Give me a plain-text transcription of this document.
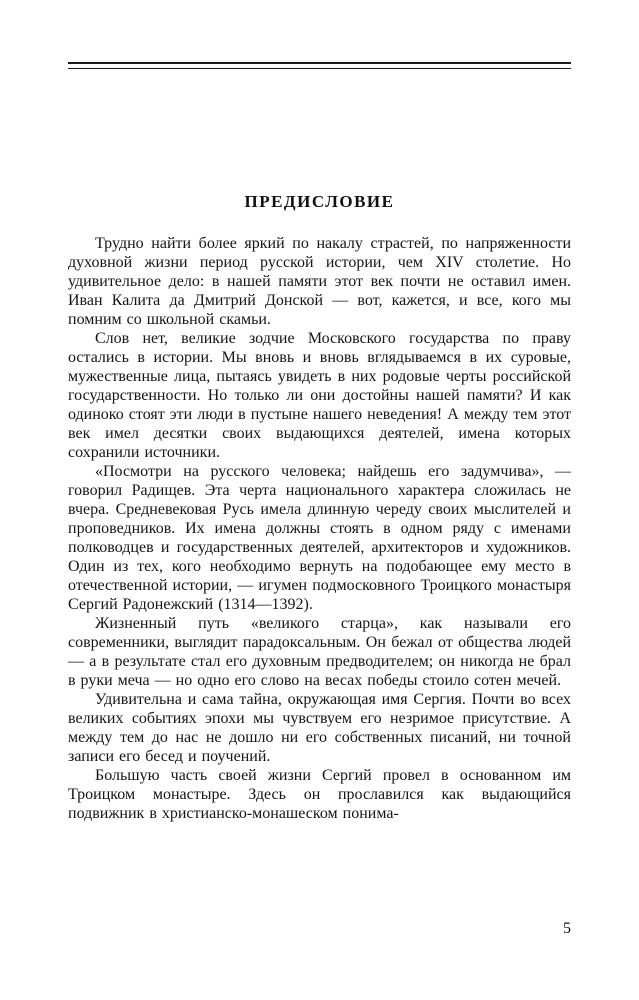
ПРЕДИСЛОВИЕ

Трудно найти более яркий по накалу страстей, по напряженности духовной жизни период русской истории, чем XIV столетие. Но удивительное дело: в нашей памяти этот век почти не оставил имен. Иван Калита да Дмитрий Донской — вот, кажется, и все, кого мы помним со школьной скамьи.

Слов нет, великие зодчие Московского государства по праву остались в истории. Мы вновь и вновь вглядываемся в их суровые, мужественные лица, пытаясь увидеть в них родовые черты российской государственности. Но только ли они достойны нашей памяти? И как одиноко стоят эти люди в пустыне нашего неведения! А между тем этот век имел десятки своих выдающихся деятелей, имена которых сохранили источники.

«Посмотри на русского человека; найдешь его задумчива», — говорил Радищев. Эта черта национального характера сложилась не вчера. Средневековая Русь имела длинную череду своих мыслителей и проповедников. Их имена должны стоять в одном ряду с именами полководцев и государственных деятелей, архитекторов и художников. Один из тех, кого необходимо вернуть на подобающее ему место в отечественной истории, — игумен подмосковного Троицкого монастыря Сергий Радонежский (1314—1392).

Жизненный путь «великого старца», как называли его современники, выглядит парадоксальным. Он бежал от общества людей — а в результате стал его духовным предводителем; он никогда не брал в руки меча — но одно его слово на весах победы стоило сотен мечей.

Удивительна и сама тайна, окружающая имя Сергия. Почти во всех великих событиях эпохи мы чувствуем его незримое присутствие. А между тем до нас не дошло ни его собственных писаний, ни точной записи его бесед и поучений.

Большую часть своей жизни Сергий провел в основанном им Троицком монастыре. Здесь он прославился как выдающийся подвижник в христианско-монашеском понима-

5
